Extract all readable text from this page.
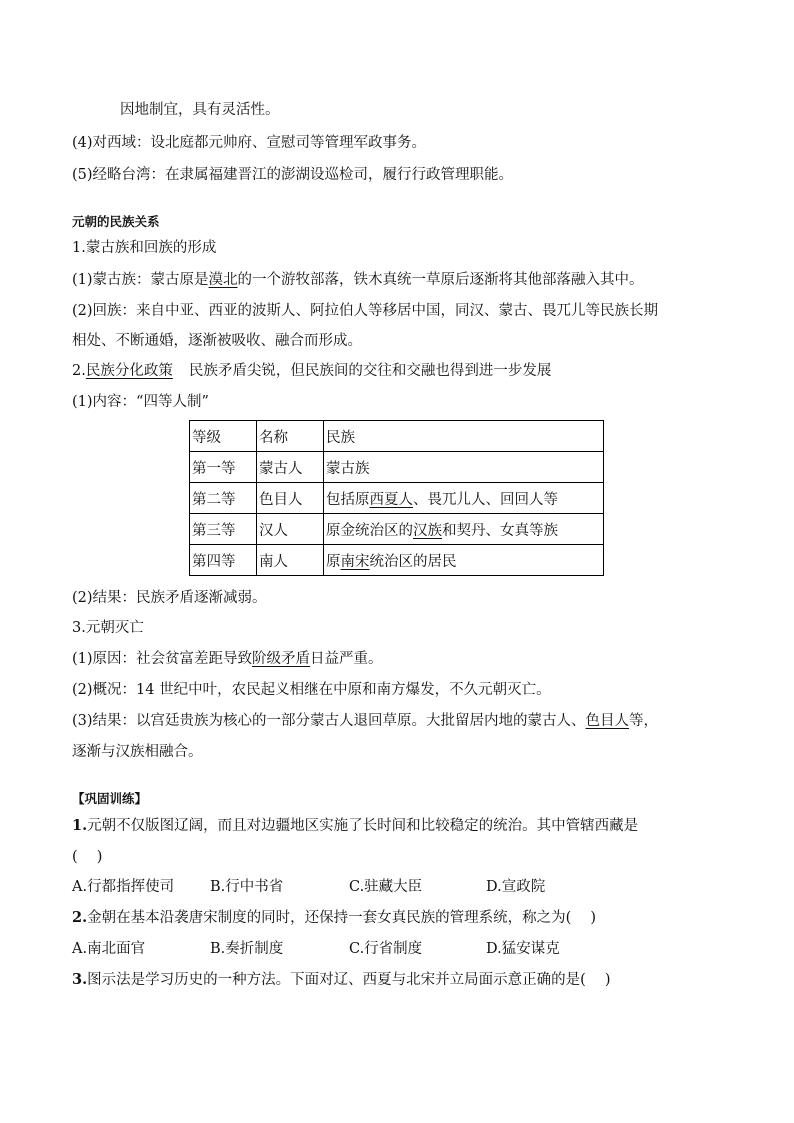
因地制宜，具有灵活性。
(4)对西域：设北庭都元帅府、宣慰司等管理军政事务。
(5)经略台湾：在隶属福建晋江的澎湖设巡检司，履行行政管理职能。
元朝的民族关系
1.蒙古族和回族的形成
(1)蒙古族：蒙古原是漠北的一个游牧部落，铁木真统一草原后逐渐将其他部落融入其中。
(2)回族：来自中亚、西亚的波斯人、阿拉伯人等移居中国，同汉、蒙古、畏兀儿等民族长期
相处、不断通婚，逐渐被吸收、融合而形成。
2.民族分化政策 民族矛盾尖锐，但民族间的交往和交融也得到进一步发展
(1)内容：“四等人制”
等级	名称	民族
第一等	蒙古人	蒙古族
第二等	色目人	包括原西夏人、畏兀儿人、回回人等
第三等	汉人	原金统治区的汉族和契丹、女真等族
第四等	南人	原南宋统治区的居民
(2)结果：民族矛盾逐渐减弱。
3.元朝灭亡
(1)原因：社会贫富差距导致阶级矛盾日益严重。
(2)概况：14 世纪中叶，农民起义相继在中原和南方爆发，不久元朝灭亡。
(3)结果：以宫廷贵族为核心的一部分蒙古人退回草原。大批留居内地的蒙古人、色目人等，
逐渐与汉族相融合。
【巩固训练】
1.元朝不仅版图辽阔，而且对边疆地区实施了长时间和比较稳定的统治。其中管辖西藏是
(　 )
A.行都指挥使司 B.行中书省	C.驻藏大臣	D.宣政院
2.金朝在基本沿袭唐宋制度的同时，还保持一套女真民族的管理系统，称之为(　 )
A.南北面官	B.奏折制度	C.行省制度	D.猛安谋克
3.图示法是学习历史的一种方法。下面对辽、西夏与北宋并立局面示意正确的是(　 )
